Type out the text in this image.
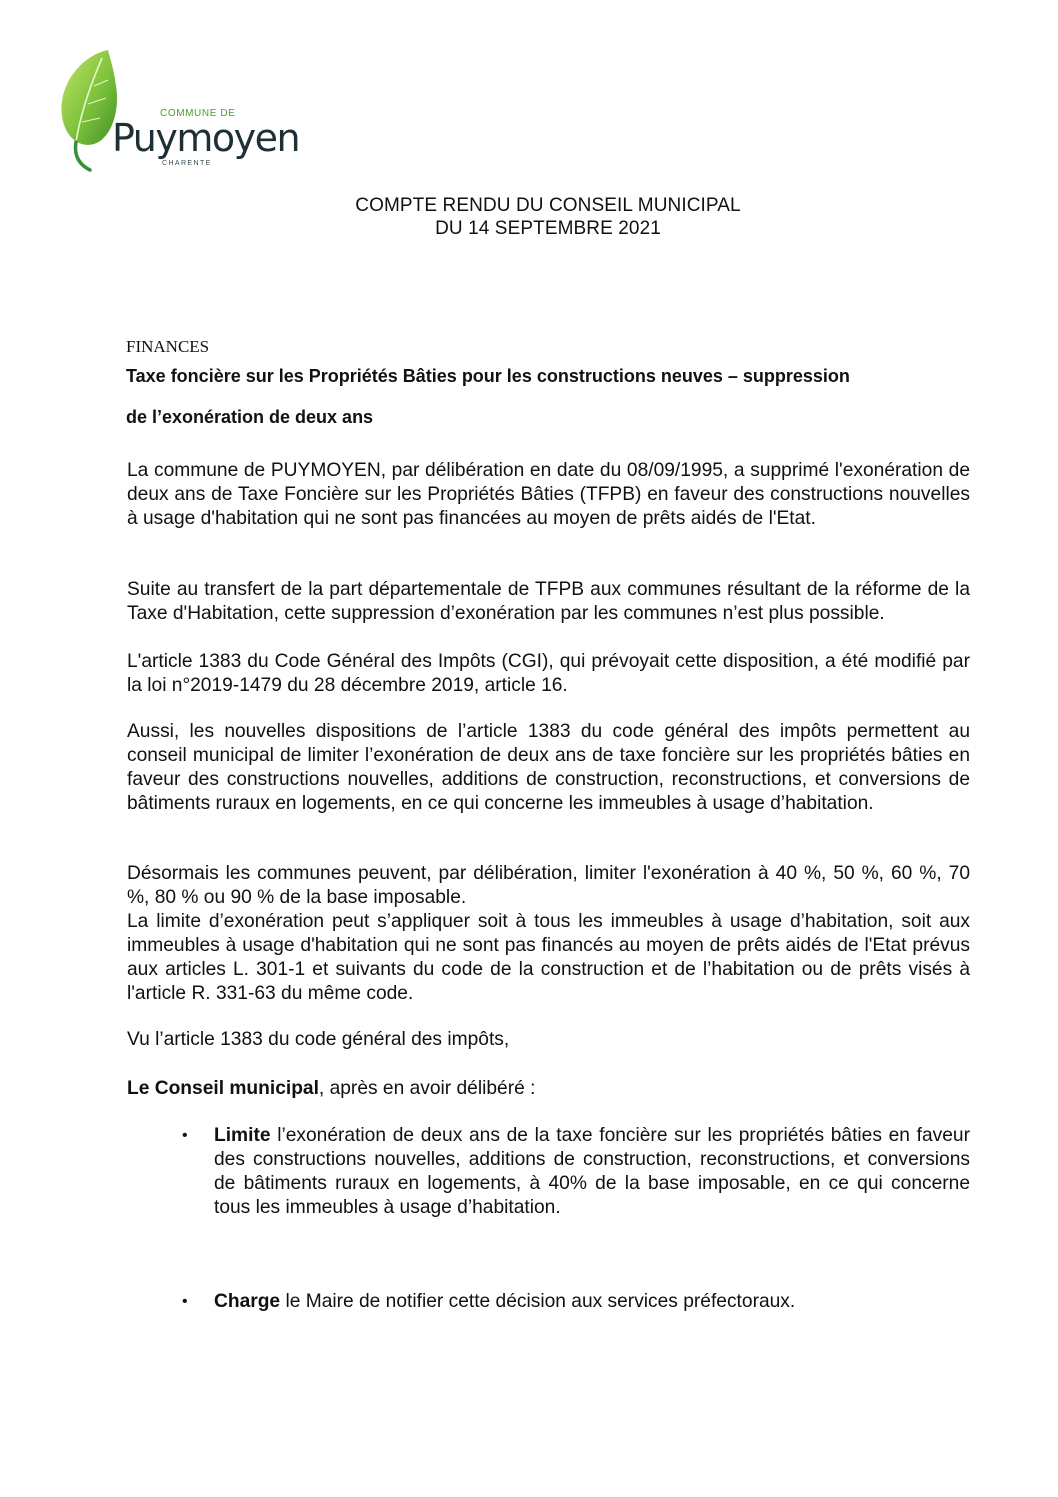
COMMUNE DE
Puymoyen
CHARENTE
COMPTE RENDU DU CONSEIL MUNICIPAL
DU 14 SEPTEMBRE 2021
FINANCES
Taxe foncière sur les Propriétés Bâties pour les constructions neuves – suppression
de l’exonération de deux ans

La commune de PUYMOYEN, par délibération en date du 08/09/1995, a supprimé l'exonération de deux ans de Taxe Foncière sur les Propriétés Bâties (TFPB) en faveur des constructions nouvelles à usage d'habitation qui ne sont pas financées au moyen de prêts aidés de l'Etat.

Suite au transfert de la part départementale de TFPB aux communes résultant de la réforme de la Taxe d'Habitation, cette suppression d’exonération par les communes n’est plus possible.

L'article 1383 du Code Général des Impôts (CGI), qui prévoyait cette disposition, a été modifié par la loi n°2019-1479 du 28 décembre 2019, article 16.

Aussi, les nouvelles dispositions de l’article 1383 du code général des impôts permettent au conseil municipal de limiter l’exonération de deux ans de taxe foncière sur les propriétés bâties en faveur des constructions nouvelles, additions de construction, reconstructions, et conversions de bâtiments ruraux en logements, en ce qui concerne les immeubles à usage d’habitation.

Désormais les communes peuvent, par délibération, limiter l'exonération à 40 %, 50 %, 60 %, 70 %, 80 % ou 90 % de la base imposable.

La limite d’exonération peut s’appliquer soit à tous les immeubles à usage d’habitation, soit aux immeubles à usage d'habitation qui ne sont pas financés au moyen de prêts aidés de l'Etat prévus aux articles L. 301-1 et suivants du code de la construction et de l’habitation ou de prêts visés à l'article R. 331-63 du même code.

Vu l’article 1383 du code général des impôts,

Le Conseil municipal, après en avoir délibéré :

• Limite l’exonération de deux ans de la taxe foncière sur les propriétés bâties en faveur des constructions nouvelles, additions de construction, reconstructions, et conversions de bâtiments ruraux en logements, à 40% de la base imposable, en ce qui concerne tous les immeubles à usage d’habitation.
• Charge le Maire de notifier cette décision aux services préfectoraux.
